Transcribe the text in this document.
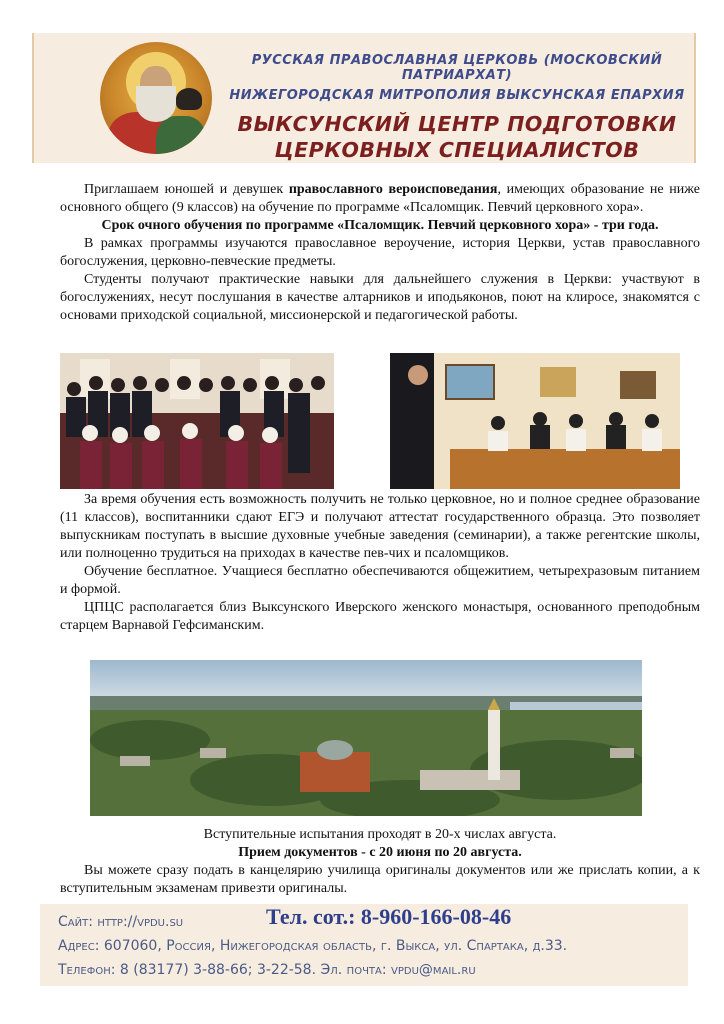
РУССКАЯ ПРАВОСЛАВНАЯ ЦЕРКОВЬ (МОСКОВСКИЙ ПАТРИАРХАТ)
НИЖЕГОРОДСКАЯ МИТРОПОЛИЯ ВЫКСУНСКАЯ ЕПАРХИЯ
ВЫКСУНСКИЙ ЦЕНТР ПОДГОТОВКИ
ЦЕРКОВНЫХ СПЕЦИАЛИСТОВ

Приглашаем юношей и девушек православного вероисповедания, имеющих образование не ниже основного общего (9 классов) на обучение по программе «Псаломщик. Певчий церковного хора».

Срок очного обучения по программе «Псаломщик. Певчий церковного хора» - три года.

В рамках программы изучаются православное вероучение, история Церкви, устав православного богослужения, церковно-певческие предметы.

Студенты получают практические навыки для дальнейшего служения в Церкви: участвуют в богослужениях, несут послушания в качестве алтарников и иподьяконов, поют на клиросе, знакомятся с основами приходской социальной, миссионерской и педагогической работы.

За время обучения есть возможность получить не только церковное, но и полное среднее образование (11 классов), воспитанники сдают ЕГЭ и получают аттестат государственного образца. Это позволяет выпускникам поступать в высшие духовные учебные заведения (семинарии), а также регентские школы, или полноценно трудиться на приходах в качестве пев-чих и псаломщиков.

Обучение бесплатное. Учащиеся бесплатно обеспечиваются общежитием, четырехразовым питанием и формой.

ЦПЦС располагается близ Выксунского Иверского женского монастыря, основанного преподобным старцем Варнавой Гефсиманским.

Вступительные испытания проходят в 20-х числах августа.

Прием документов - с 20 июня по 20 августа.

Вы можете сразу подать в канцелярию училища оригиналы документов или же прислать копии, а к вступительным экзаменам привезти оригиналы.

Сайт: http://vpdu.su	Тел. сот.: 8-960-166-08-46
Адрес: 607060, Россия, Нижегородская область, г. Выкса, ул. Спартака, д.33.
Телефон: 8 (83177) 3-88-66; 3-22-58. Эл. почта: vpdu@mail.ru
